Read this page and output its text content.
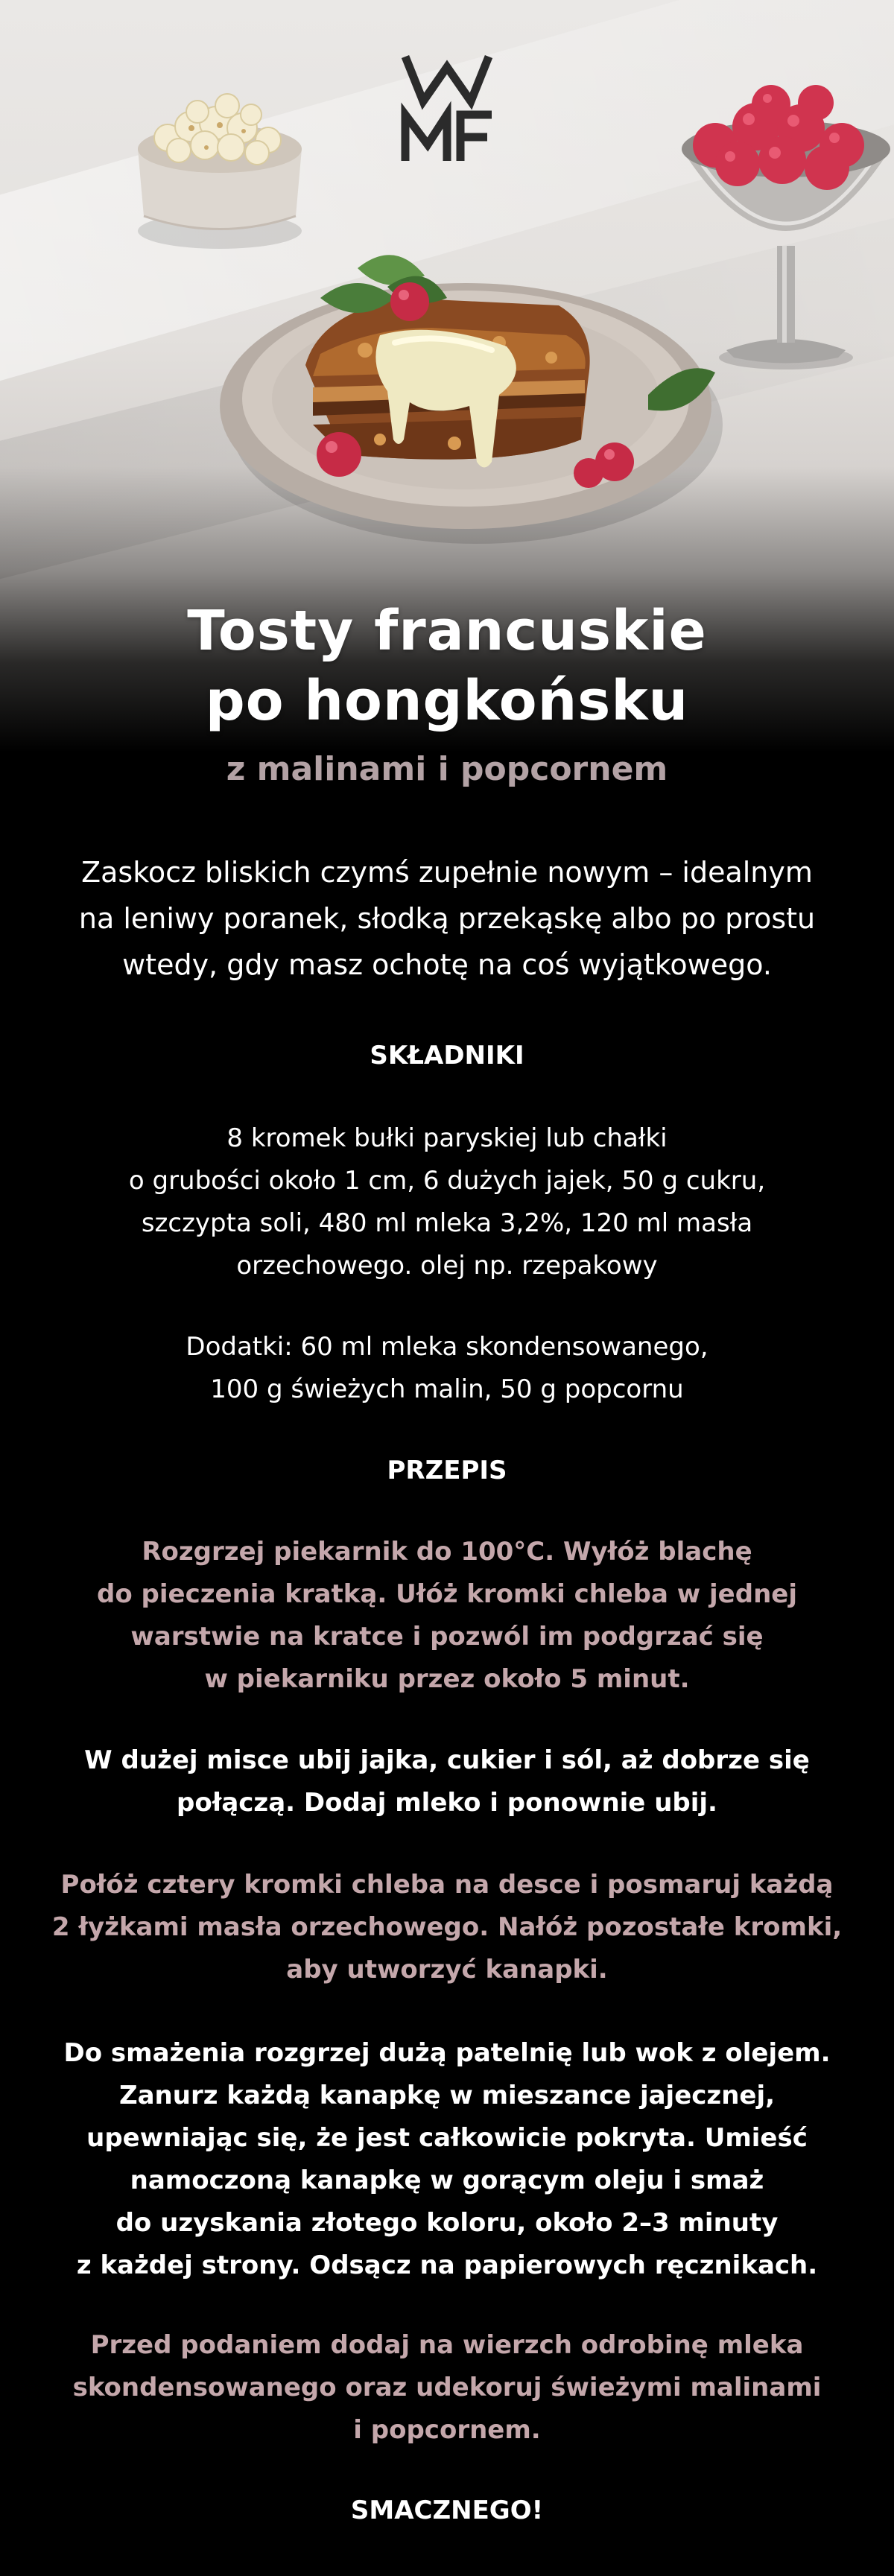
Tosty francuskie
po hongkońsku
z malinami i popcornem
Zaskocz bliskich czymś zupełnie nowym – idealnym
na leniwy poranek, słodką przekąskę albo po prostu
wtedy, gdy masz ochotę na coś wyjątkowego.
SKŁADNIKI
8 kromek bułki paryskiej lub chałki
o grubości około 1 cm, 6 dużych jajek, 50 g cukru,
szczypta soli, 480 ml mleka 3,2%, 120 ml masła
orzechowego. olej np. rzepakowy
Dodatki: 60 ml mleka skondensowanego,
100 g świeżych malin, 50 g popcornu
PRZEPIS
Rozgrzej piekarnik do 100°C. Wyłóż blachę
do pieczenia kratką. Ułóż kromki chleba w jednej
warstwie na kratce i pozwól im podgrzać się
w piekarniku przez około 5 minut.
W dużej misce ubij jajka, cukier i sól, aż dobrze się
połączą. Dodaj mleko i ponownie ubij.
Połóż cztery kromki chleba na desce i posmaruj każdą
2 łyżkami masła orzechowego. Nałóż pozostałe kromki,
aby utworzyć kanapki.
Do smażenia rozgrzej dużą patelnię lub wok z olejem.
Zanurz każdą kanapkę w mieszance jajecznej,
upewniając się, że jest całkowicie pokryta. Umieść
namoczoną kanapkę w gorącym oleju i smaż
do uzyskania złotego koloru, około 2–3 minuty
z każdej strony. Odsącz na papierowych ręcznikach.
Przed podaniem dodaj na wierzch odrobinę mleka
skondensowanego oraz udekoruj świeżymi malinami
i popcornem.
SMACZNEGO!
